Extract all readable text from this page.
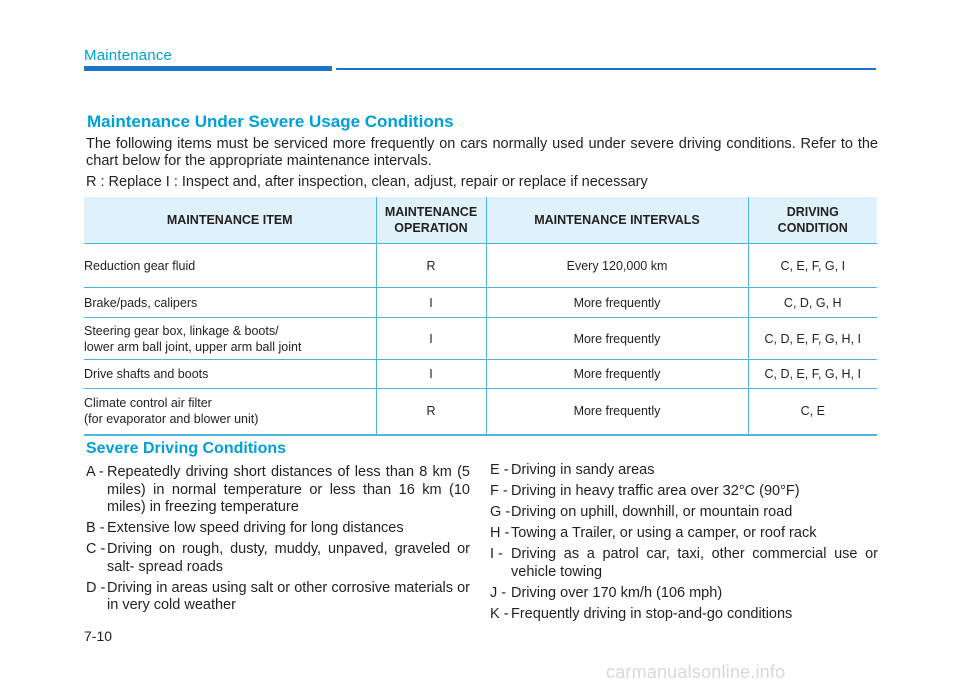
Maintenance
Maintenance Under Severe Usage Conditions
The following items must be serviced more frequently on cars normally used under severe driving conditions. Refer to the chart below for the appropriate maintenance intervals.
R : Replace I : Inspect and, after inspection, clean, adjust, repair or replace if necessary
MAINTENANCE ITEM	MAINTENANCE OPERATION	MAINTENANCE INTERVALS	DRIVING CONDITION

Reduction gear fluid	R	Every 120,000 km	C, E, F, G, I

Brake/pads, calipers	I	More frequently	C, D, G, H

Steering gear box, linkage & boots/
lower arm ball joint, upper arm ball joint	I	More frequently	C, D, E, F, G, H, I

Drive shafts and boots	I	More frequently	C, D, E, F, G, H, I

Climate control air filter
(for evaporator and blower unit)	R	More frequently	C, E
Severe Driving Conditions
A - Repeatedly driving short distances of less than 8 km (5 miles) in normal temperature or less than 16 km (10 miles) in freezing temperature
B - Extensive low speed driving for long distances
C - Driving on rough, dusty, muddy, unpaved, graveled or salt- spread roads
D - Driving in areas using salt or other corrosive materials or in very cold weather
E - Driving in sandy areas
F - Driving in heavy traffic area over 32°C (90°F)
G - Driving on uphill, downhill, or mountain road
H - Towing a Trailer, or using a camper, or roof rack
I - Driving as a patrol car, taxi, other commercial use or vehicle towing
J - Driving over 170 km/h (106 mph)
K - Frequently driving in stop-and-go conditions
7-10
carmanualsonline.info
